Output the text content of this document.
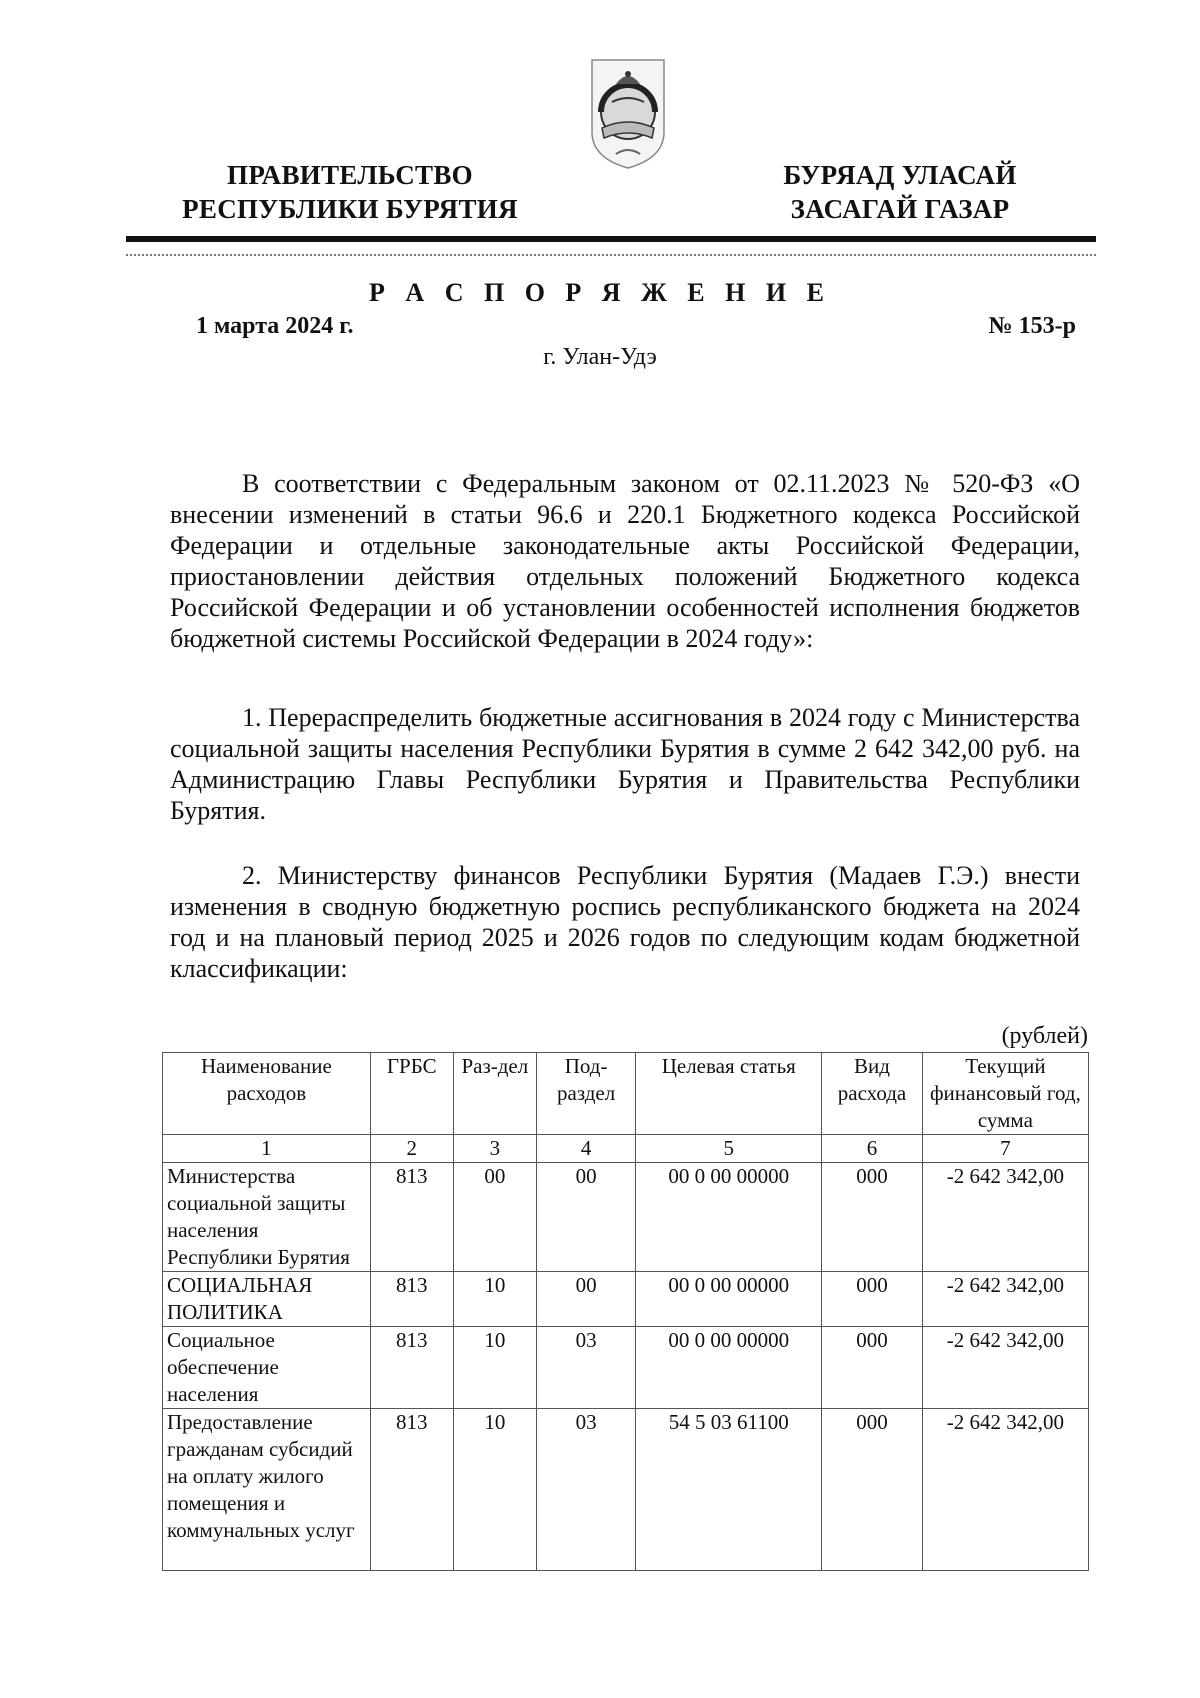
ПРАВИТЕЛЬСТВО
РЕСПУБЛИКИ БУРЯТИЯ
БУРЯАД УЛАСАЙ
ЗАСАГАЙ ГАЗАР
Р А С П О Р Я Ж Е Н И Е
1 марта 2024 г.	№ 153-р
г. Улан-Удэ

В соответствии с Федеральным законом от 02.11.2023 № 520-ФЗ «О внесении изменений в статьи 96.6 и 220.1 Бюджетного кодекса Российской Федерации и отдельные законодательные акты Российской Федерации, приостановлении действия отдельных положений Бюджетного кодекса Российской Федерации и об установлении особенностей исполнения бюджетов бюджетной системы Российской Федерации в 2024 году»:

1. Перераспределить бюджетные ассигнования в 2024 году с Министерства социальной защиты населения Республики Бурятия в сумме 2 642 342,00 руб. на Администрацию Главы Республики Бурятия и Правительства Республики Бурятия.

2. Министерству финансов Республики Бурятия (Мадаев Г.Э.) внести изменения в сводную бюджетную роспись республиканского бюджета на 2024 год и на плановый период 2025 и 2026 годов по следующим кодам бюджетной классификации:

(рублей)
Наименование расходов	ГРБС	Раз-дел	Под-раздел	Целевая статья	Вид расхода	Текущий финансовый год, сумма
1	2	3	4	5	6	7
Министерства социальной защиты населения Республики Бурятия	813	00	00	00 0 00 00000	000	-2 642 342,00
СОЦИАЛЬНАЯ ПОЛИТИКА	813	10	00	00 0 00 00000	000	-2 642 342,00
Социальное обеспечение населения	813	10	03	00 0 00 00000	000	-2 642 342,00
Предоставление гражданам субсидий на оплату жилого помещения и коммунальных услуг	813	10	03	54 5 03 61100	000	-2 642 342,00
